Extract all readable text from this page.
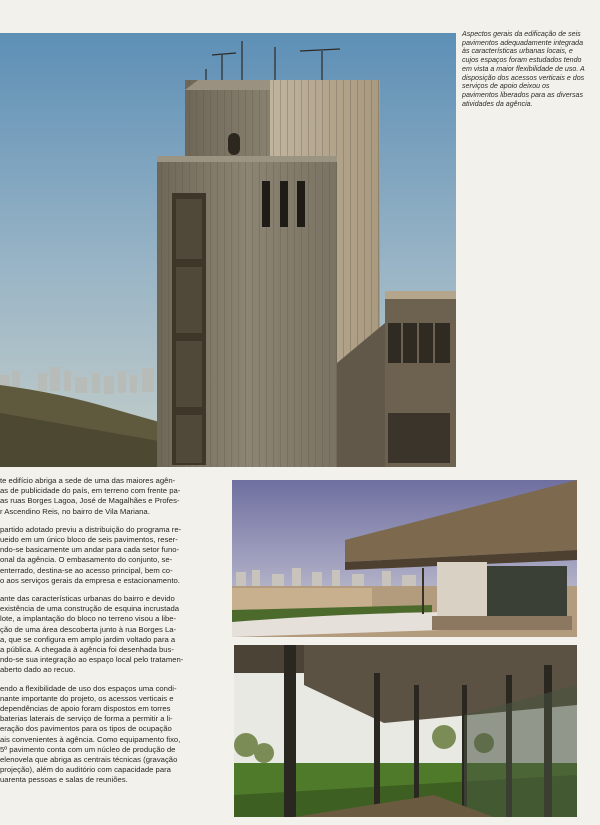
Aspectos gerais da edificação de seis pavimentos adequadamente integrada às características urbanas locais, e cujos espaços foram estudados tendo em vista a maior flexibilidade de uso. A disposição dos acessos verticais e dos serviços de apoio deixou os pavimentos liberados para as diversas atividades da agência.

te edifício abriga a sede de uma das maiores agên-
as de publicidade do país, em terreno com frente pa-
as ruas Borges Lagoa, José de Magalhães e Profes-
r Ascendino Reis, no bairro de Vila Mariana.

partido adotado previu a distribuição do programa re-
ueido em um único bloco de seis pavimentos, reser-
ndo-se basicamente um andar para cada setor funo-
onal da agência. O embasamento do conjunto, se-
enterrado, destina-se ao acesso principal, bem co-
o aos serviços gerais da empresa e estacionamento.

ante das características urbanas do bairro e devido
existência de uma construção de esquina incrustada
lote, a implantação do bloco no terreno visou a libe-
ção de uma área descoberta junto à rua Borges La-
a, que se configura em amplo jardim voltado para a
a pública. A chegada à agência foi desenhada bus-
ndo-se sua integração ao espaço local pelo tratamen-
aberto dado ao recuo.

endo a flexibilidade de uso dos espaços uma condi-
nante importante do projeto, os acessos verticais e
dependências de apoio foram dispostos em torres
baterias laterais de serviço de forma a permitir a li-
eração dos pavimentos para os tipos de ocupação
ais convenientes à agência. Como equipamento fixo,
5º pavimento conta com um núcleo de produção de
elenovela que abriga as centrais técnicas (gravação
projeção), além do auditório com capacidade para
uarenta pessoas e salas de reuniões.
